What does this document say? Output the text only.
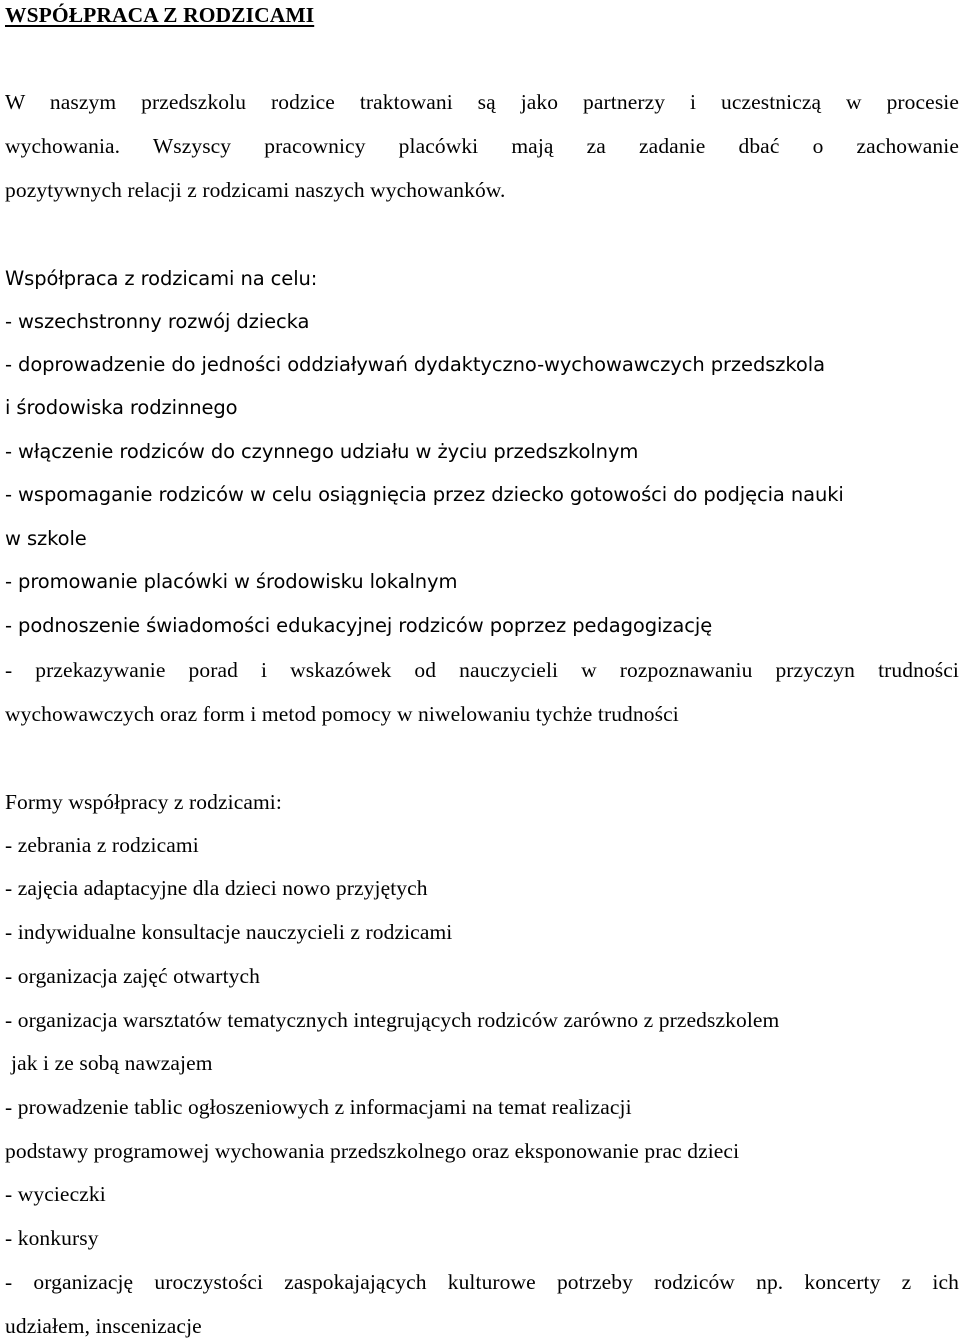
WSPÓŁPRACA Z RODZICAMI
W naszym przedszkolu rodzice traktowani są jako partnerzy i uczestniczą w procesie
wychowania. Wszyscy pracownicy placówki mają za zadanie dbać o zachowanie
pozytywnych relacji z rodzicami naszych wychowanków.
Współpraca z rodzicami na celu:
- wszechstronny rozwój dziecka
- doprowadzenie do jedności oddziaływań dydaktyczno-wychowawczych przedszkola
i środowiska rodzinnego
- włączenie rodziców do czynnego udziału w życiu przedszkolnym
- wspomaganie rodziców w celu osiągnięcia przez dziecko gotowości do podjęcia nauki
w szkole
- promowanie placówki w środowisku lokalnym
- podnoszenie świadomości edukacyjnej rodziców poprzez pedagogizację
- przekazywanie porad i wskazówek od nauczycieli w rozpoznawaniu przyczyn trudności
wychowawczych oraz form i metod pomocy w niwelowaniu tychże trudności
Formy współpracy z rodzicami:
- zebrania z rodzicami
- zajęcia adaptacyjne dla dzieci nowo przyjętych
- indywidualne konsultacje nauczycieli z rodzicami
- organizacja zajęć otwartych
- organizacja warsztatów tematycznych integrujących rodziców zarówno z przedszkolem
jak i ze sobą nawzajem
- prowadzenie tablic ogłoszeniowych z informacjami na temat realizacji
podstawy programowej wychowania przedszkolnego oraz eksponowanie prac dzieci
- wycieczki
- konkursy
- organizację uroczystości zaspokajających kulturowe potrzeby rodziców np. koncerty z ich
udziałem, inscenizacje
